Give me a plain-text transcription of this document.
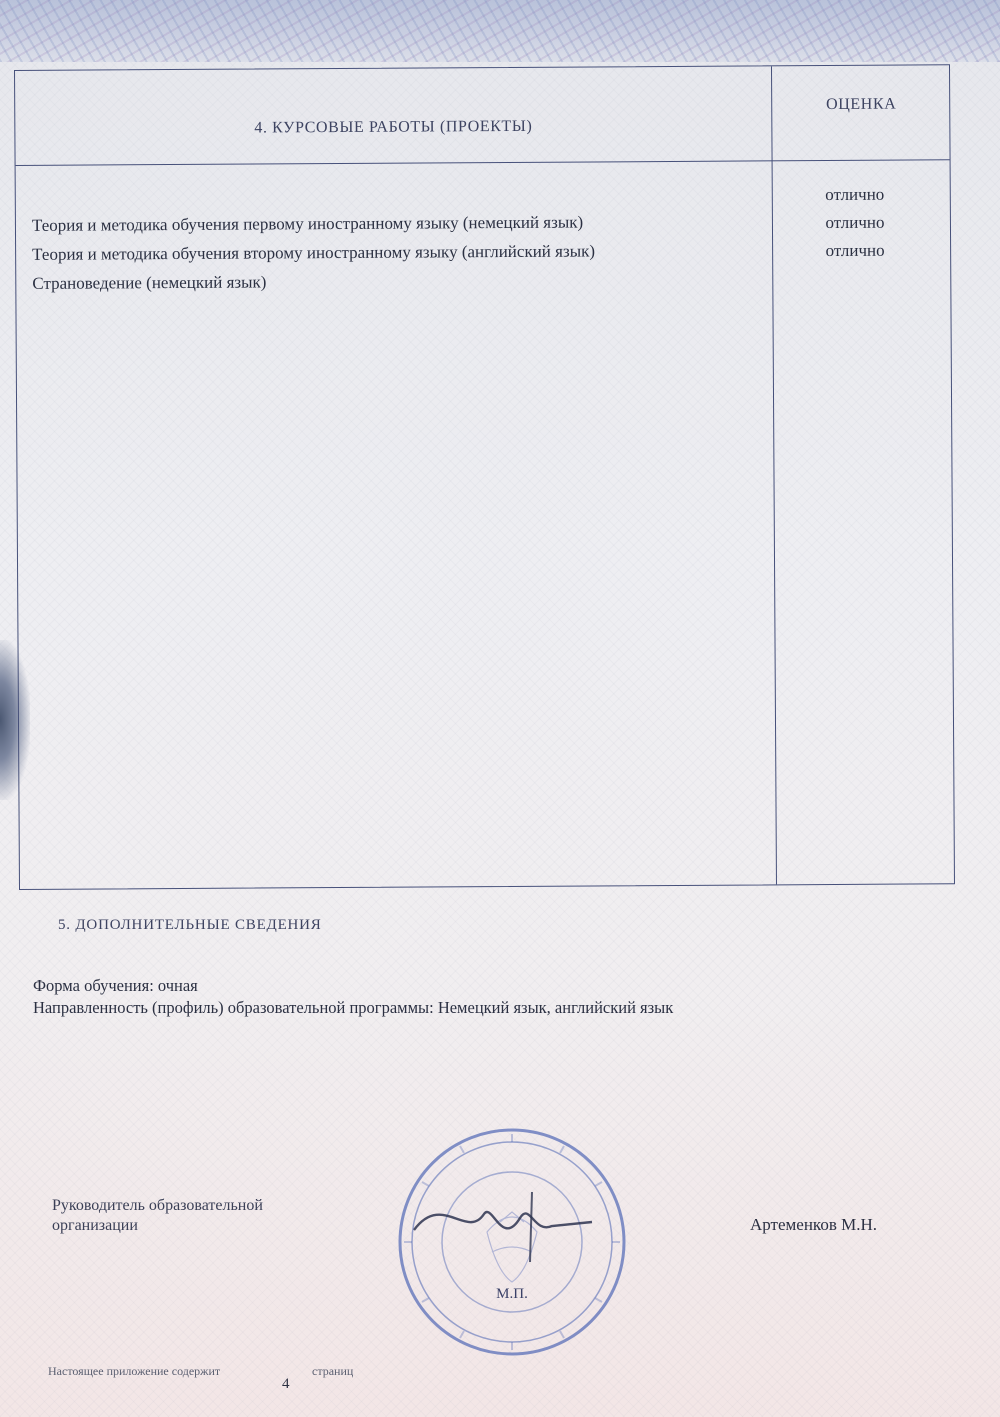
4. КУРСОВЫЕ РАБОТЫ (ПРОЕКТЫ)
ОЦЕНКА
Теория и методика обучения первому иностранному языку (немецкий язык)
Теория и методика обучения второму иностранному языку (английский язык)
Страноведение (немецкий язык)
отлично
отлично
отлично
5. ДОПОЛНИТЕЛЬНЫЕ СВЕДЕНИЯ
Форма обучения: очная
Направленность (профиль) образовательной программы: Немецкий язык, английский язык
Руководитель образовательной
организации
М.П.
Артеменков М.Н.
Настоящее приложение содержит
4
страниц
